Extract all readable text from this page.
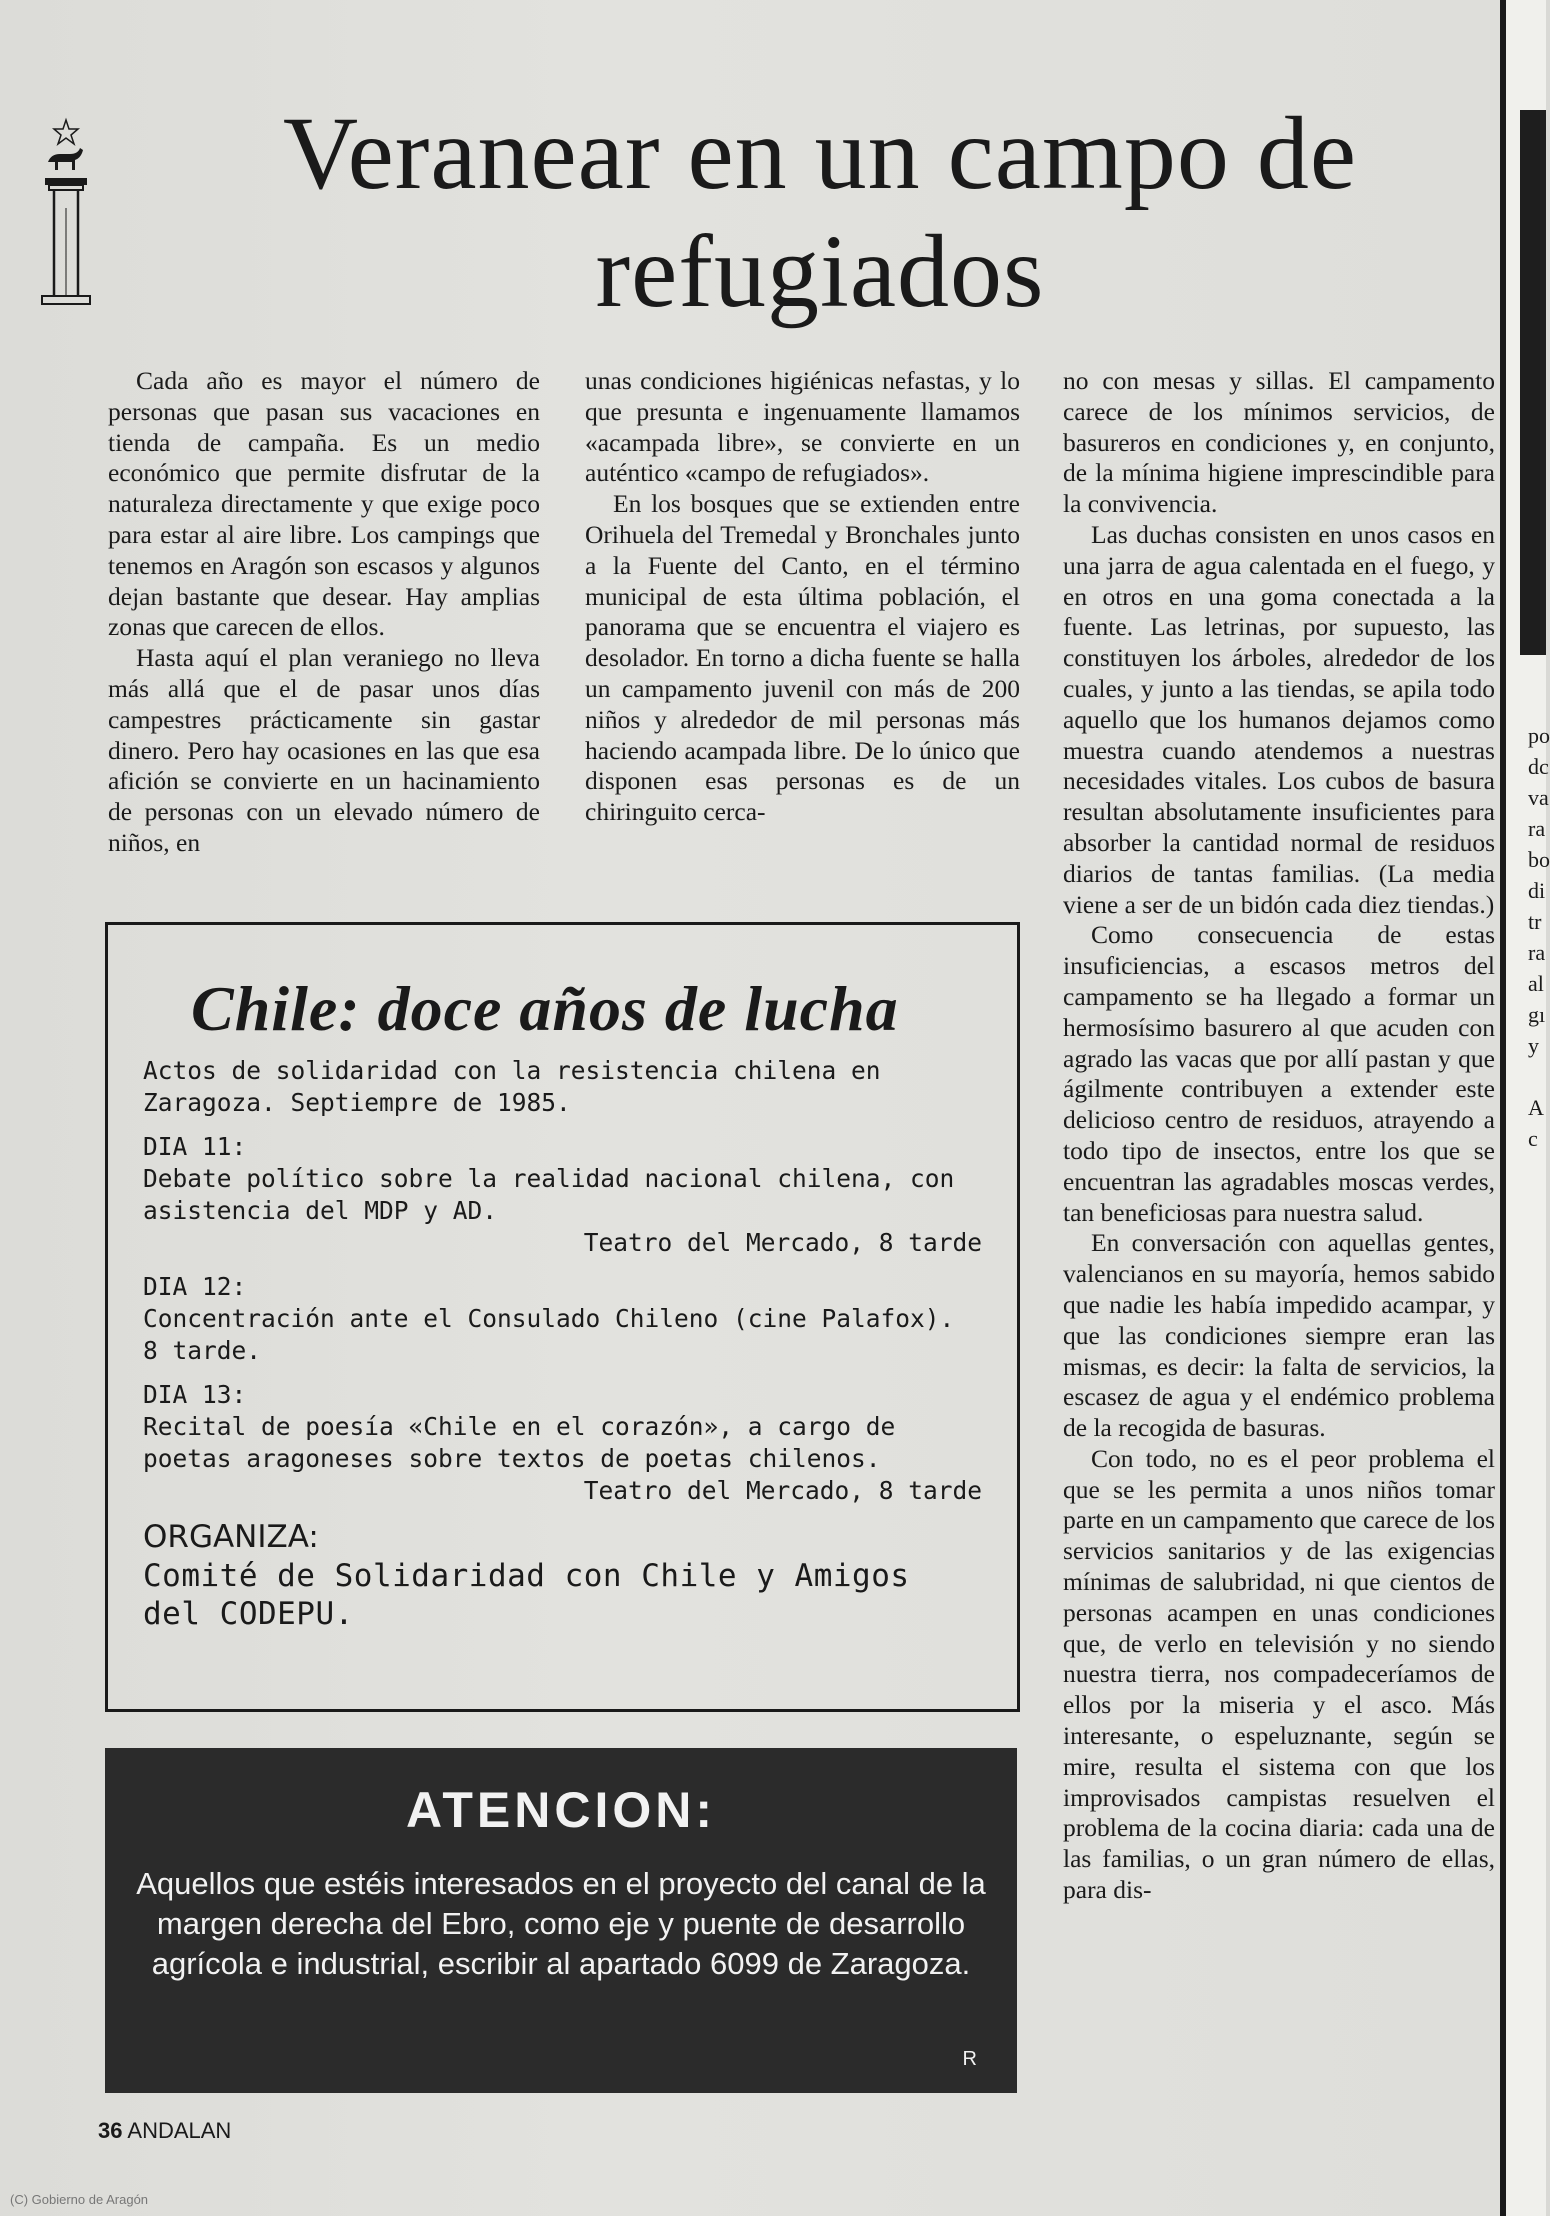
po
dc
va
ra
bo
di
tr
ra
al
gı
y
A
c
Veranear en un campo de
refugiados

Cada año es mayor el número de personas que pasan sus vacaciones en tienda de campaña. Es un medio económico que permite disfrutar de la naturaleza directamente y que exige poco para estar al aire libre. Los campings que tenemos en Aragón son escasos y algunos dejan bastante que desear. Hay amplias zonas que carecen de ellos.

Hasta aquí el plan veraniego no lleva más allá que el de pasar unos días campestres prácticamente sin gastar dinero. Pero hay ocasiones en las que esa afición se convierte en un hacinamiento de personas con un elevado número de niños, en

unas condiciones higiénicas nefastas, y lo que presunta e ingenuamente llamamos «acampada libre», se convierte en un auténtico «campo de refugiados».

En los bosques que se extienden entre Orihuela del Tremedal y Bronchales junto a la Fuente del Canto, en el término municipal de esta última población, el panorama que se encuentra el viajero es desolador. En torno a dicha fuente se halla un campamento juvenil con más de 200 niños y alrededor de mil personas más haciendo acampada libre. De lo único que disponen esas personas es de un chiringuito cerca-

no con mesas y sillas. El campamento carece de los mínimos servicios, de basureros en condiciones y, en conjunto, de la mínima higiene imprescindible para la convivencia.

Las duchas consisten en unos casos en una jarra de agua calentada en el fuego, y en otros en una goma conectada a la fuente. Las letrinas, por supuesto, las constituyen los árboles, alrededor de los cuales, y junto a las tiendas, se apila todo aquello que los humanos dejamos como muestra cuando atendemos a nuestras necesidades vitales. Los cubos de basura resultan absolutamente insuficientes para absorber la cantidad normal de residuos diarios de tantas familias. (La media viene a ser de un bidón cada diez tiendas.)

Como consecuencia de estas insuficiencias, a escasos metros del campamento se ha llegado a formar un hermosísimo basurero al que acuden con agrado las vacas que por allí pastan y que ágilmente contribuyen a extender este delicioso centro de residuos, atrayendo a todo tipo de insectos, entre los que se encuentran las agradables moscas verdes, tan beneficiosas para nuestra salud.

En conversación con aquellas gentes, valencianos en su mayoría, hemos sabido que nadie les había impedido acampar, y que las condiciones siempre eran las mismas, es decir: la falta de servicios, la escasez de agua y el endémico problema de la recogida de basuras.

Con todo, no es el peor problema el que se les permita a unos niños tomar parte en un campamento que carece de los servicios sanitarios y de las exigencias mínimas de salubridad, ni que cientos de personas acampen en unas condiciones que, de verlo en televisión y no siendo nuestra tierra, nos compadeceríamos de ellos por la miseria y el asco. Más interesante, o espeluznante, según se mire, resulta el sistema con que los improvisados campistas resuelven el problema de la cocina diaria: cada una de las familias, o un gran número de ellas, para dis-

Chile: doce años de lucha
Actos de solidaridad con la resistencia chilena en Zaragoza. Septiempre de 1985.
DIA 11:
Debate político sobre la realidad nacional chilena, con asistencia del MDP y AD.
Teatro del Mercado, 8 tarde
DIA 12:
Concentración ante el Consulado Chileno (cine Palafox). 8 tarde.
DIA 13:
Recital de poesía «Chile en el corazón», a cargo de poetas aragoneses sobre textos de poetas chilenos.
Teatro del Mercado, 8 tarde
ORGANIZA:
Comité de Solidaridad con Chile y Amigos del CODEPU.
ATENCION:
Aquellos que estéis interesados en el proyecto del canal de la margen derecha del Ebro, como eje y puente de desarrollo agrícola e industrial, escribir al apartado 6099 de Zaragoza.
R
36 ANDALAN
(C) Gobierno de Aragón
